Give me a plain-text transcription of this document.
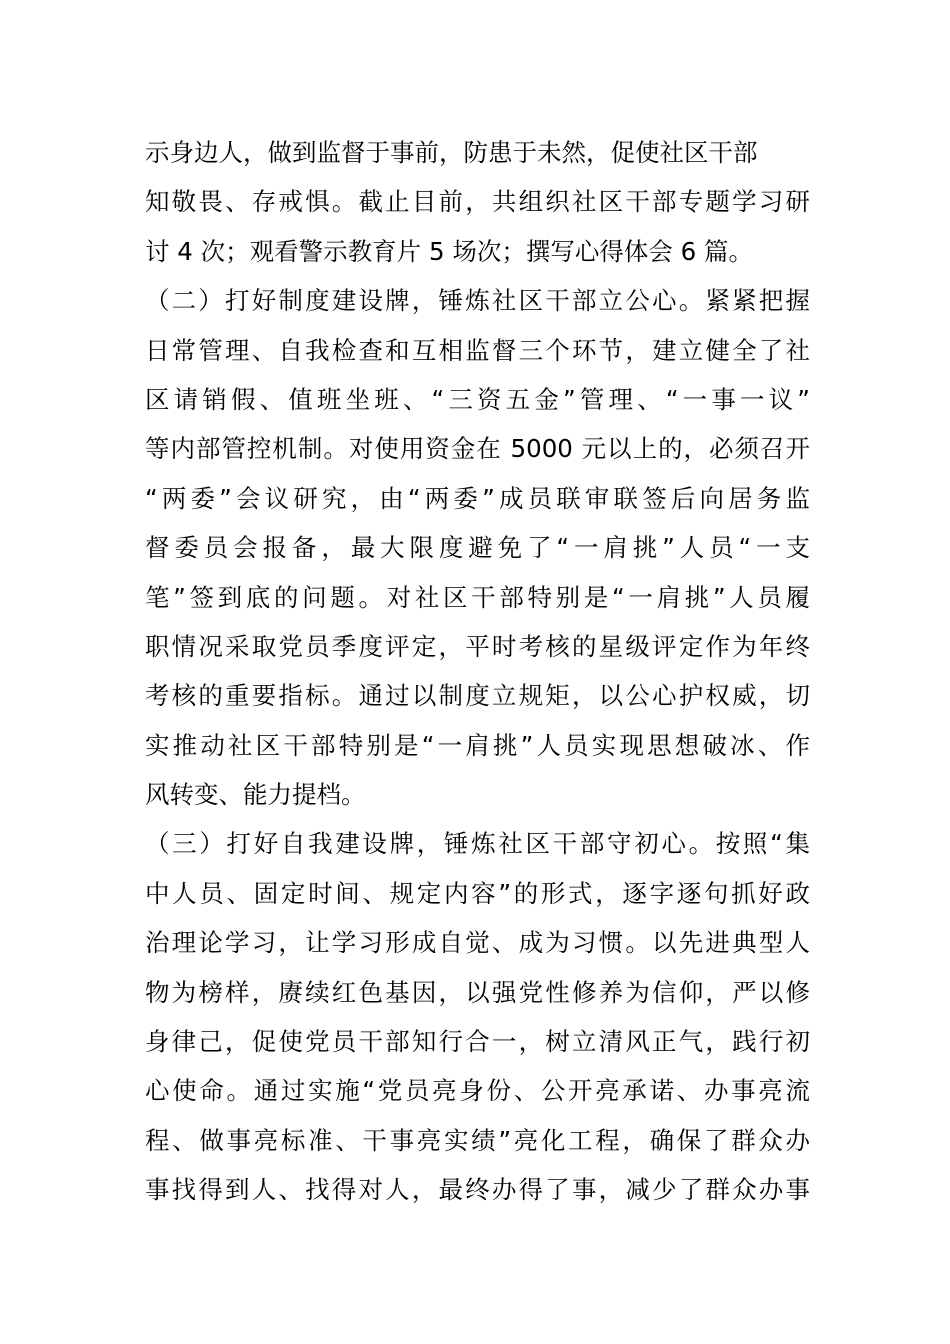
示身边人，做到监督于事前，防患于未然，促使社区干部
知敬畏、存戒惧。截止目前，共组织社区干部专题学习研
讨 4 次；观看警示教育片 5 场次；撰写心得体会 6 篇。
（二）打好制度建设牌，锤炼社区干部立公心。紧紧把握
日常管理、自我检查和互相监督三个环节，建立健全了社
区请销假、值班坐班、“三资五金”管理、“一事一议”
等内部管控机制。对使用资金在 5000 元以上的，必须召开
“两委”会议研究，由“两委”成员联审联签后向居务监
督委员会报备，最大限度避免了“一肩挑”人员“一支
笔”签到底的问题。对社区干部特别是“一肩挑”人员履
职情况采取党员季度评定，平时考核的星级评定作为年终
考核的重要指标。通过以制度立规矩，以公心护权威，切
实推动社区干部特别是“一肩挑”人员实现思想破冰、作
风转变、能力提档。
（三）打好自我建设牌，锤炼社区干部守初心。按照“集
中人员、固定时间、规定内容”的形式，逐字逐句抓好政
治理论学习，让学习形成自觉、成为习惯。以先进典型人
物为榜样，赓续红色基因，以强党性修养为信仰，严以修
身律己，促使党员干部知行合一，树立清风正气，践行初
心使命。通过实施“党员亮身份、公开亮承诺、办事亮流
程、做事亮标准、干事亮实绩”亮化工程，确保了群众办
事找得到人、找得对人，最终办得了事，减少了群众办事
